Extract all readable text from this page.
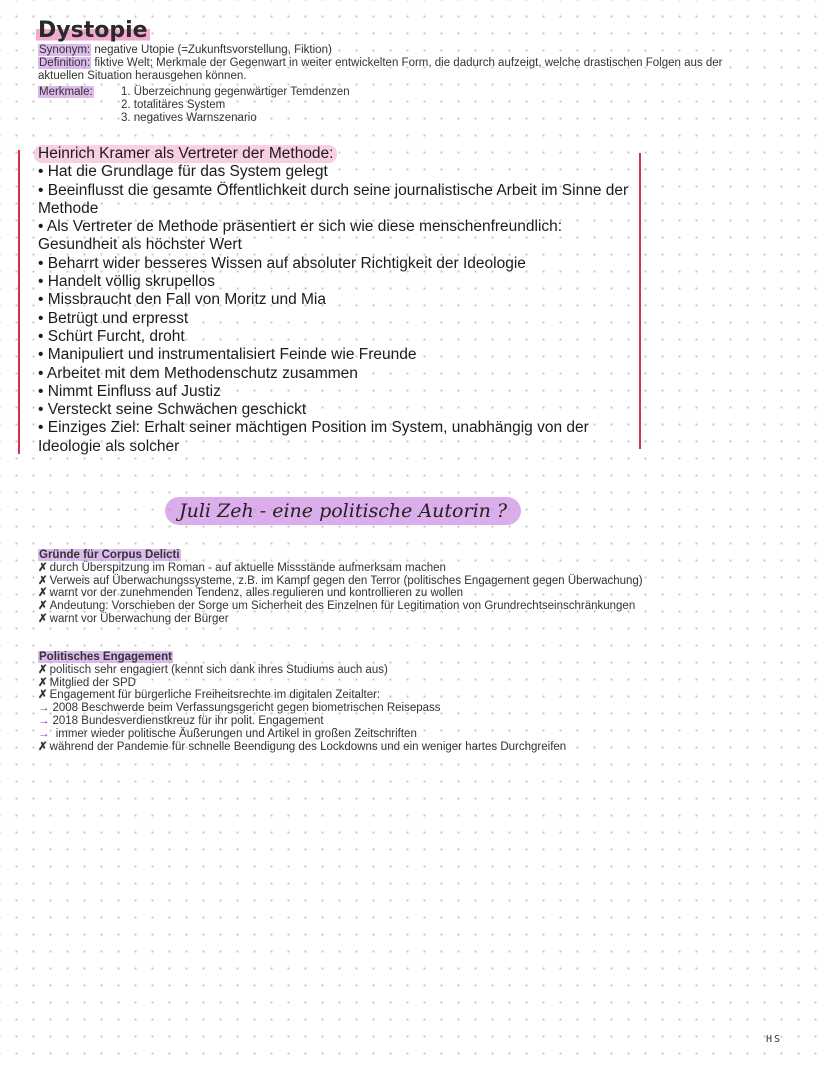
Dystopie
Synonym: negative Utopie (=Zukunftsvorstellung, Fiktion)
Definition: fiktive Welt; Merkmale der Gegenwart in weiter entwickelten Form, die dadurch aufzeigt, welche drastischen Folgen aus der aktuellen Situation herausgehen können.
Merkmale: 1. Überzeichnung gegenwärtiger Temdenzen
2. totalitäres System
3. negatives Warnszenario
Heinrich Kramer als Vertreter der Methode:
• Hat die Grundlage für das System gelegt
• Beeinflusst die gesamte Öffentlichkeit durch seine journalistische Arbeit im Sinne der Methode
• Als Vertreter de Methode präsentiert er sich wie diese menschenfreundlich: Gesundheit als höchster Wert
• Beharrt wider besseres Wissen auf absoluter Richtigkeit der Ideologie
• Handelt völlig skrupellos
• Missbraucht den Fall von Moritz und Mia
• Betrügt und erpresst
• Schürt Furcht, droht
• Manipuliert und instrumentalisiert Feinde wie Freunde
• Arbeitet mit dem Methodenschutz zusammen
• Nimmt Einfluss auf Justiz
• Versteckt seine Schwächen geschickt
• Einziges Ziel: Erhalt seiner mächtigen Position im System, unabhängig von der Ideologie als solcher
Juli Zeh - eine politische Autorin ?
Gründe für Corpus Delicti
✗ durch Überspitzung im Roman - auf aktuelle Missstände aufmerksam machen
✗ Verweis auf Überwachungssysteme, z.B. im Kampf gegen den Terror (politisches Engagement gegen Überwachung)
✗ warnt vor der zunehmenden Tendenz, alles regulieren und kontrollieren zu wollen
✗ Andeutung: Vorschieben der Sorge um Sicherheit des Einzelnen für Legitimation von Grundrechtseinschränkungen
✗ warnt vor Überwachung der Bürger
Politisches Engagement
✗ politisch sehr engagiert (kennt sich dank ihres Studiums auch aus)
✗ Mitglied der SPD
✗ Engagement für bürgerliche Freiheitsrechte im digitalen Zeitalter:
→ 2008 Beschwerde beim Verfassungsgericht gegen biometrischen Reisepass
→ 2018 Bundesverdienstkreuz für ihr polit. Engagement
→ immer wieder politische Äußerungen und Artikel in großen Zeitschriften
✗ während der Pandemie für schnelle Beendigung des Lockdowns und ein weniger hartes Durchgreifen
HS
